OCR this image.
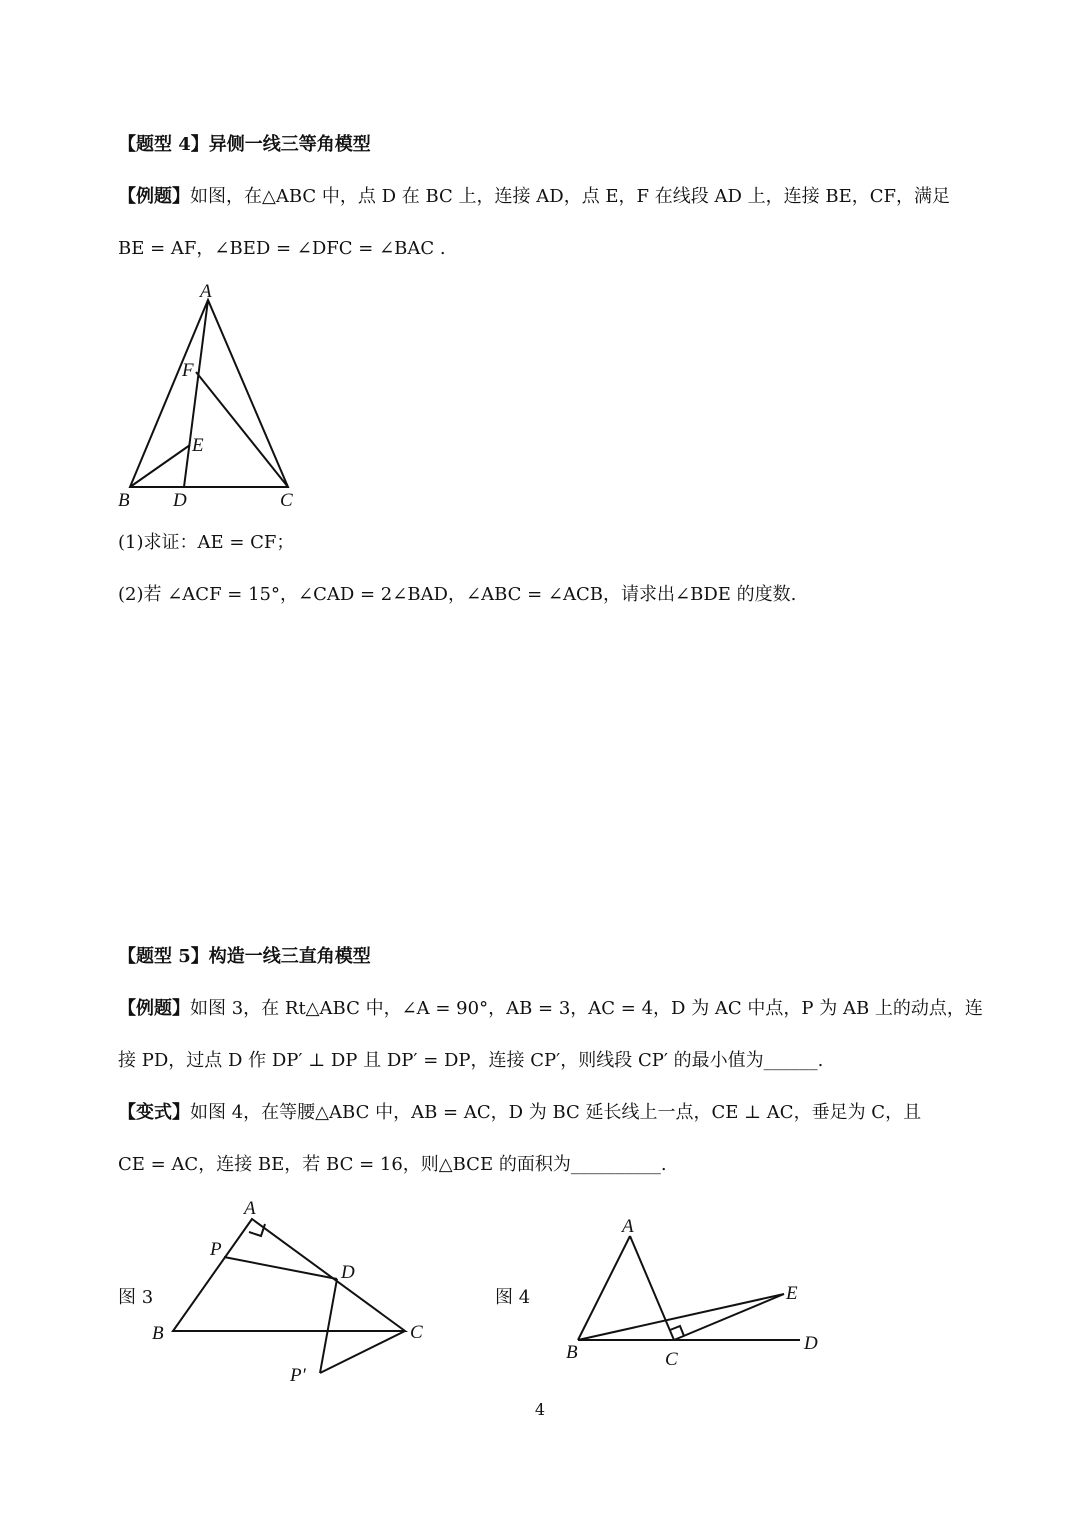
【题型 4】异侧一线三等角模型
【例题】如图，在△ABC 中，点 D 在 BC 上，连接 AD，点 E，F 在线段 AD 上，连接 BE，CF，满足
BE = AF，∠BED = ∠DFC = ∠BAC .
A
F
E
B D	C
(1)求证：AE = CF；
(2)若 ∠ACF = 15°，∠CAD = 2∠BAD，∠ABC = ∠ACB，请求出∠BDE 的度数.
【题型 5】构造一线三直角模型
【例题】如图 3，在 Rt△ABC 中，∠A = 90°，AB = 3，AC = 4，D 为 AC 中点，P 为 AB 上的动点，连
接 PD，过点 D 作 DP′ ⊥ DP 且 DP′ = DP，连接 CP′，则线段 CP′ 的最小值为______.
【变式】如图 4，在等腰△ABC 中，AB = AC，D 为 BC 延长线上一点，CE ⊥ AC，垂足为 C，且
CE = AC，连接 BE，若 BC = 16，则△BCE 的面积为__________.
图 3
A
P
D
B	C
P′
图 4
A
E
B	C
D
4
